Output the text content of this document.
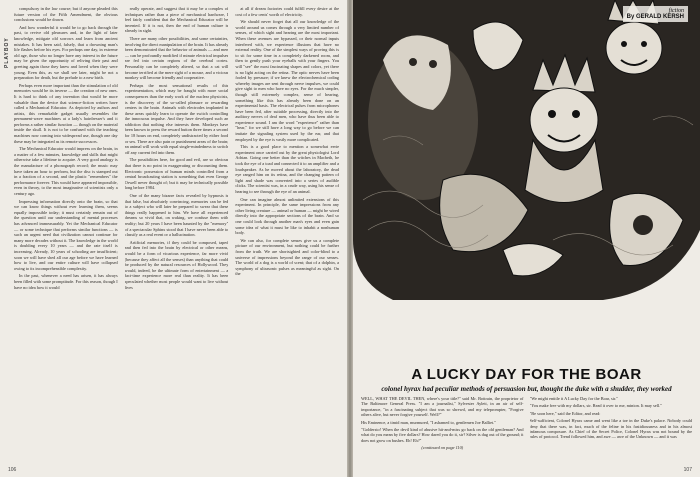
PLAYBOY

compulsory in the law course; but if anyone pleaded this future version of the Fifth Amendment, the obvious conclusions would be drawn.

And how wonderful it would be to go back through the past, to revive old pleasures and, in the light of later knowledge, mitigate old sorrows and learn from ancient mistakes. It has been said, falsely, that a drowning man's life flashes before his eyes. For perhaps one day, in extreme old age, those who no longer have any interest in the future may be given the opportunity of reliving their past and greeting again those they knew and loved when they were young. Even this, as we shall see later, might be not a preparation for death, but the prelude to a new birth.

Perhaps even more important than the stimulation of old memories would be its inverse — the creation of new ones. It is hard to think of any invention that would be more valuable than the device that science-fiction writers have called a Mechanical Educator. As depicted by authors and artists, this remarkable gadget usually resembles the permanent-wave machines at a lady's hairdresser's and it performs a rather similar function — though on the material inside the skull. It is not to be confused with the teaching machines now coming into widespread use, though one day these may be integrated as its remote successors.

The Mechanical Educator would impress on the brain, in a matter of a few minutes, knowledge and skills that might otherwise take a lifetime to acquire. A very good analogy is the manufacture of a phonograph record; the music may have taken an hour to perform, but the disc is stamped out in a fraction of a second, and the plastic "remembers" the performance forever. This would have appeared impossible, even in theory, to the most imaginative of scientists only a century ago.

Impressing information directly onto the brain, so that we can know things without ever learning them, seems equally impossible today; it must certainly remain out of the question until our understanding of mental processes has advanced immeasurably. Yet the Mechanical Educator — or some technique that performs similar functions — is such an urgent need that civilization cannot continue for many more decades without it. The knowledge in the world is doubling every 10 years — and the rate itself is increasing. Already, 10 years of schooling are insufficient; soon we will have shed all our age before we have learned how to live, and our entire culture will have collapsed owing to its incomprehensible complexity.

In the past, whenever a need has arisen, it has always been filled with some promptitude. For this reason, though I have no idea how it would

really operate, and suggest that it may be a complex of techniques rather than a piece of mechanical hardware, I feel fairly confident that the Mechanical Educator will be invented. If it is not, then the end of human culture is already in sight.

There are many other possibilities, and some certainties, involving the direct manipulation of the brain. It has already been demonstrated that the behavior of animals — and men — can be profoundly modified if minute electrical impulses are fed into certain regions of the cerebral cortex. Personality can be completely altered, so that a cat will become terrified at the mere sight of a mouse, and a vicious monkey will become friendly and cooperative.

Perhaps the most sensational results of this experimentation, which may be fraught with more social consequences than the early work of the nuclear physicists, is the discovery of the so-called pleasure or rewarding centers in the brain. Animals with electrodes implanted in these areas quickly learn to operate the switch controlling the innocuous impulse. And they have developed such an addiction that nothing else interests them. Monkeys have been known to press the reward button three times a second for 18 hours on end, completely undistracted by either food or sex. There are also pain or punishment areas of the brain; an animal will work with equal single-mindedness to switch off any current fed into them.

The possibilities here, for good and evil, are so obvious that there is no point in exaggerating or discounting them. Electronic possession of human minds controlled from a central broadcasting station is something that even George Orwell never thought of; but it may be technically possible long before 1984.

One of the many bizarre facts revealed by hypnosis is that false, but absolutely convincing, memories can be fed to a subject who will later be prepared to swear that these things really happened to him. We have all experienced dreams so vivid that, on waking, we confuse them with reality; but 20 years I have been haunted by the "memory" of a spectacular Sphinx stood that I have never been able to classify as a real event or a hallucination.

Artificial memories, if they could be composed, taped and then fed into the brain by electrical or other means, would be a form of vicarious experience, far more vivid (because they affect all the senses) than anything that could be produced by the natural resources of Hollywood. They would, indeed, be the ultimate form of entertainment — a fact-time experience more real than reality. It has been speculated whether most people would want to live without lives

at all if dream factories could fulfill every desire at the cost of a few cents' worth of electricity.

We should never forget that all our knowledge of the world around us comes through a very limited number of senses, of which sight and hearing are the most important. When these avenues are bypassed, or their normal inputs interfered with, we experience illusions that have no external reality. One of the simplest ways of proving this is to sit for some time in a completely darkened room, and then to gently push your eyeballs with your fingers. You will "see" the most fascinating shapes and colors, yet there is no light acting on the retina. The optic nerves have been fooled by pressure; if we knew the electrochemical coding whereby images are sent through nerve impulses, we could give sight to men who have no eyes. For the much simpler, though still extremely complex, sense of hearing, something like this has already been done on an experimental basis. The electrical pulses from microphones have been fed, after suitable processing, directly into the auditory nerves of deaf men, who have thus been able to experience sound. I am the word "experience" rather than "hear," for we still have a long way to go before we can imitate the signaling system used by the ear, and that employed by the eye is vastly more complicated.

This is a good place to mention a somewhat eerie experiment once carried out by the great physiologist Lord Adrian. Going one better than the witches in Macbeth, he took the eye of a toad and connected it to an amplifier and a loudspeaker. As he moved about the laboratory, the dead eye ranged him on its retina, and the changing pattern of light and shade was converted into a series of audible clicks. The scientist was, in a crude way, using his sense of hearing to see through the eye of an animal.

One can imagine almost unlimited extensions of this experiment. In principle, the same impressions from any other living creature — animal or human — might be wired directly into the appropriate sections of the brain. And so one could look through another man's eyes and even gain some idea of what it must be like to inhabit a nonhuman body.

We can also, for complete senses give us a complete picture of our environment, but nothing could be further from the truth. We are shortsighted and color-blind to a universe of impressions beyond the range of our senses. The world of a dog is a world of scent; that of a dolphin, a symphony of ultrasonic pulses as meaningful as sight. On the

106
fiction
By GERALD KERSH
A LUCKY DAY FOR THE BOAR
colonel hyrax had peculiar methods of persuasion but, thought the duke with a shudder, they worked

WELL, WHAT THE DEVIL THEN, where's your title?" said Mr. Bottrain, the proprietor of The Baltimore General Press. "I am a journalist," Sylvester Aylett, in an air of self-importance, "in a fascinating subject that was so shrewd, and my teleprompter, "Forgive others alive, but never forgive yourself. Well?"

His Eminence, a timid man, murmured, "I ashamed to, gentlemen Joe Balliet."

"Goldersto! When the devil kind of abusive hit-and-miss go back on the old gentleman? And what do you mean by five dollars? How dared you do it, sir? Silver is dug out of the ground; it does not grow on bushes. Eh! Eh?"

(continued on page 110)

"We might entitle it A Lucky Day for the Boar, sir."

"You make free with my dollars, sir. Read it over to me, minion. It may sell."

"Be soon here," said the Editor, and read:

Self-sufficient, Colonel Hyrax came and went like a toe in the Duke's palace. Nobody could deny that there was, in fact, much of the feline in his fastidiousness and in his almost infamous composure. As Chief of the Secret Police, Colonel Hyrax was not bound by the rules of protocol. Trend followed him, and awe — awe of the Unknown — and it was

107
